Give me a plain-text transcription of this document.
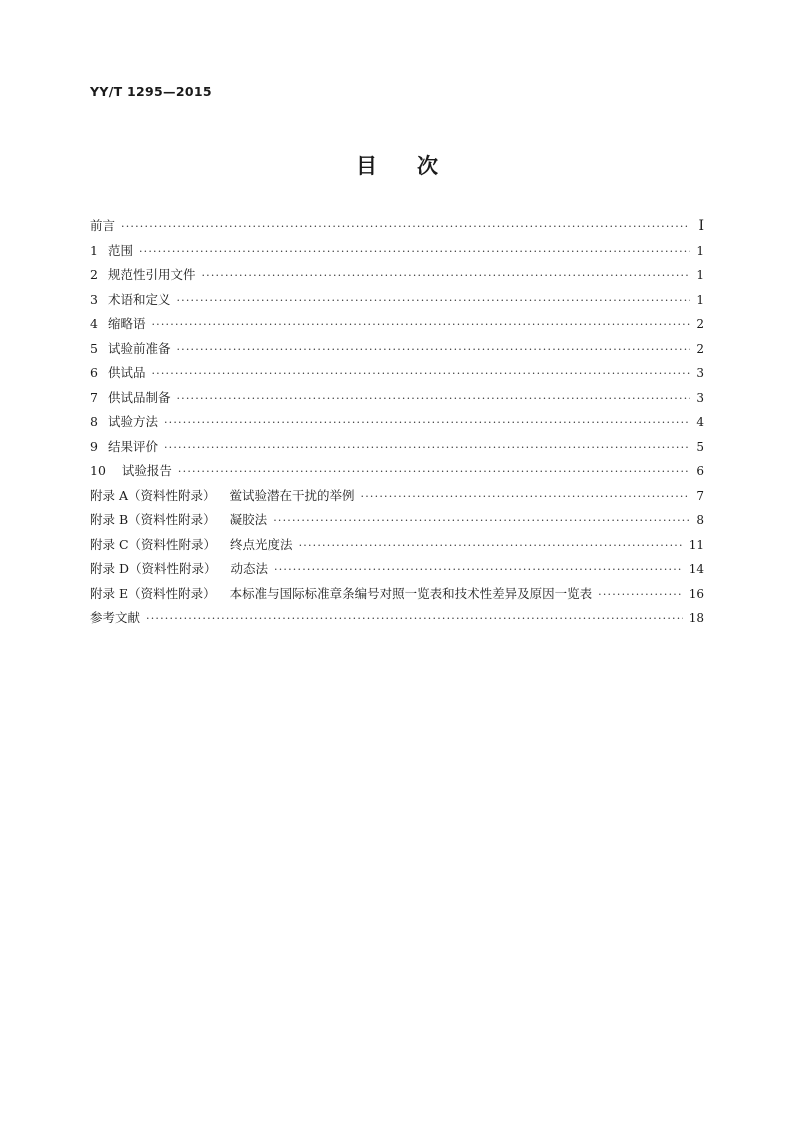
YY/T 1295—2015
目 次
前言 ·····	I
1 范围 ·····	1
2 规范性引用文件 ·····	1
3 术语和定义 ·····	1
4 缩略语 ·····	2
5 试验前准备 ·····	2
6 供试品 ·····	3
7 供试品制备 ·····	3
8 试验方法 ·····	4
9 结果评价 ·····	5
10 试验报告 ·····	6
附录 A（资料性附录） 鲎试验潜在干扰的举例 ·····	7
附录 B（资料性附录） 凝胶法 ·····	8
附录 C（资料性附录） 终点光度法 ·····	11
附录 D（资料性附录） 动态法 ·····	14
附录 E（资料性附录） 本标准与国际标准章条编号对照一览表和技术性差异及原因一览表 ·····	16
参考文献 ·····	18
